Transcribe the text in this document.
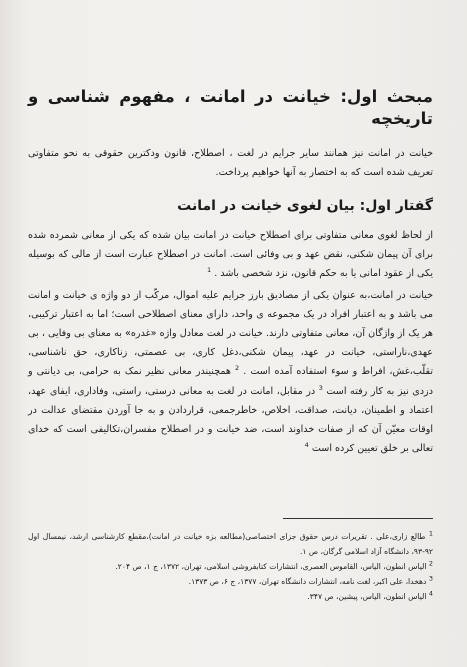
مبحث اول: خیانت در امانت ، مفهوم شناسی و تاریخچه

خیانت در امانت نیز همانند سایر جرایم در لغت ، اصطلاح، قانون ودکترین حقوقی به نحو متفاوتی تعریف شده است که به اختصار به آنها خواهیم پرداخت.

گفتار اول: بیان لغوی خیانت در امانت

از لحاظ لغوی معانی متفاوتی برای اصطلاح خیانت در امانت بیان شده که یکی از معانی شمرده شده برای آن پیمان شکنی، نقض عهد و بی وفائی است. امانت در اصطلاح عبارت است از مالی که بوسیله یکی از عقود امانی یا به حکم قانون، نزد شخصی باشد . $^1$

خیانت در امانت،به عنوان یکی از مصادیق بارز جرایم علیه اموال، مرکّب از دو واژه ی خیانت و امانت می باشد و به اعتبار افراد در یک مجموعه ی واحد، دارای معنای اصطلاحی است؛ اما به اعتبار ترکیبی، هر یک از واژگان آن، معانی متفاوتی دارند. خیانت در لغت معادل واژه «غدره» به معنای بی وفایی ، بی عهدی،ناراستی، خیانت در عهد، پیمان شکنی،دغل کاری، بی عصمتی، زناکاری، حق ناشناسی، تقلّب،غش، افراط و سوء استفاده آمده است . $^2$ همچنیندر معانی نظیر نمک به حرامی، بی دیانتی و دزدی نیز به کار رفته است $^3$ در مقابل، امانت در لغت به معانی درستی، راستی، وفاداری، ایفای عهد، اعتماد و اطمینان، دیانت، صداقت، اخلاص، خاطرجمعی، قراردادن و به جا آوردن مقتضای عدالت در اوقات معیّن آن که از صفات خداوند است، ضد خیانت و در اصطلاح مفسران،تکالیفی است که خدای تعالی بر خلق تعیین کرده است $^4$

$^1$ طالع زاری،علی . تقریرات درس حقوق جزای اختصاصی(مطالعه بزه خیانت در امانت)،مقطع کارشناسی ارشد، نیمسال اول ۹۲-۹۳، دانشگاه آزاد اسلامی گرگان، ص ۱.

$^2$ الیاس انطون، الیاس، القاموس العصری، انتشارات کتابفروشی اسلامی، تهران، ۱۳۷۲، ج ۱، ص ۲۰۴.

$^3$ دهخدا، علی اکبر، لغت نامه، انتشارات دانشگاه تهران، ۱۳۷۷، ج ۶، ص ۱۳۷۳.

$^4$ الیاس انطون، الیاس، پیشین، ص ۳۴۷.
